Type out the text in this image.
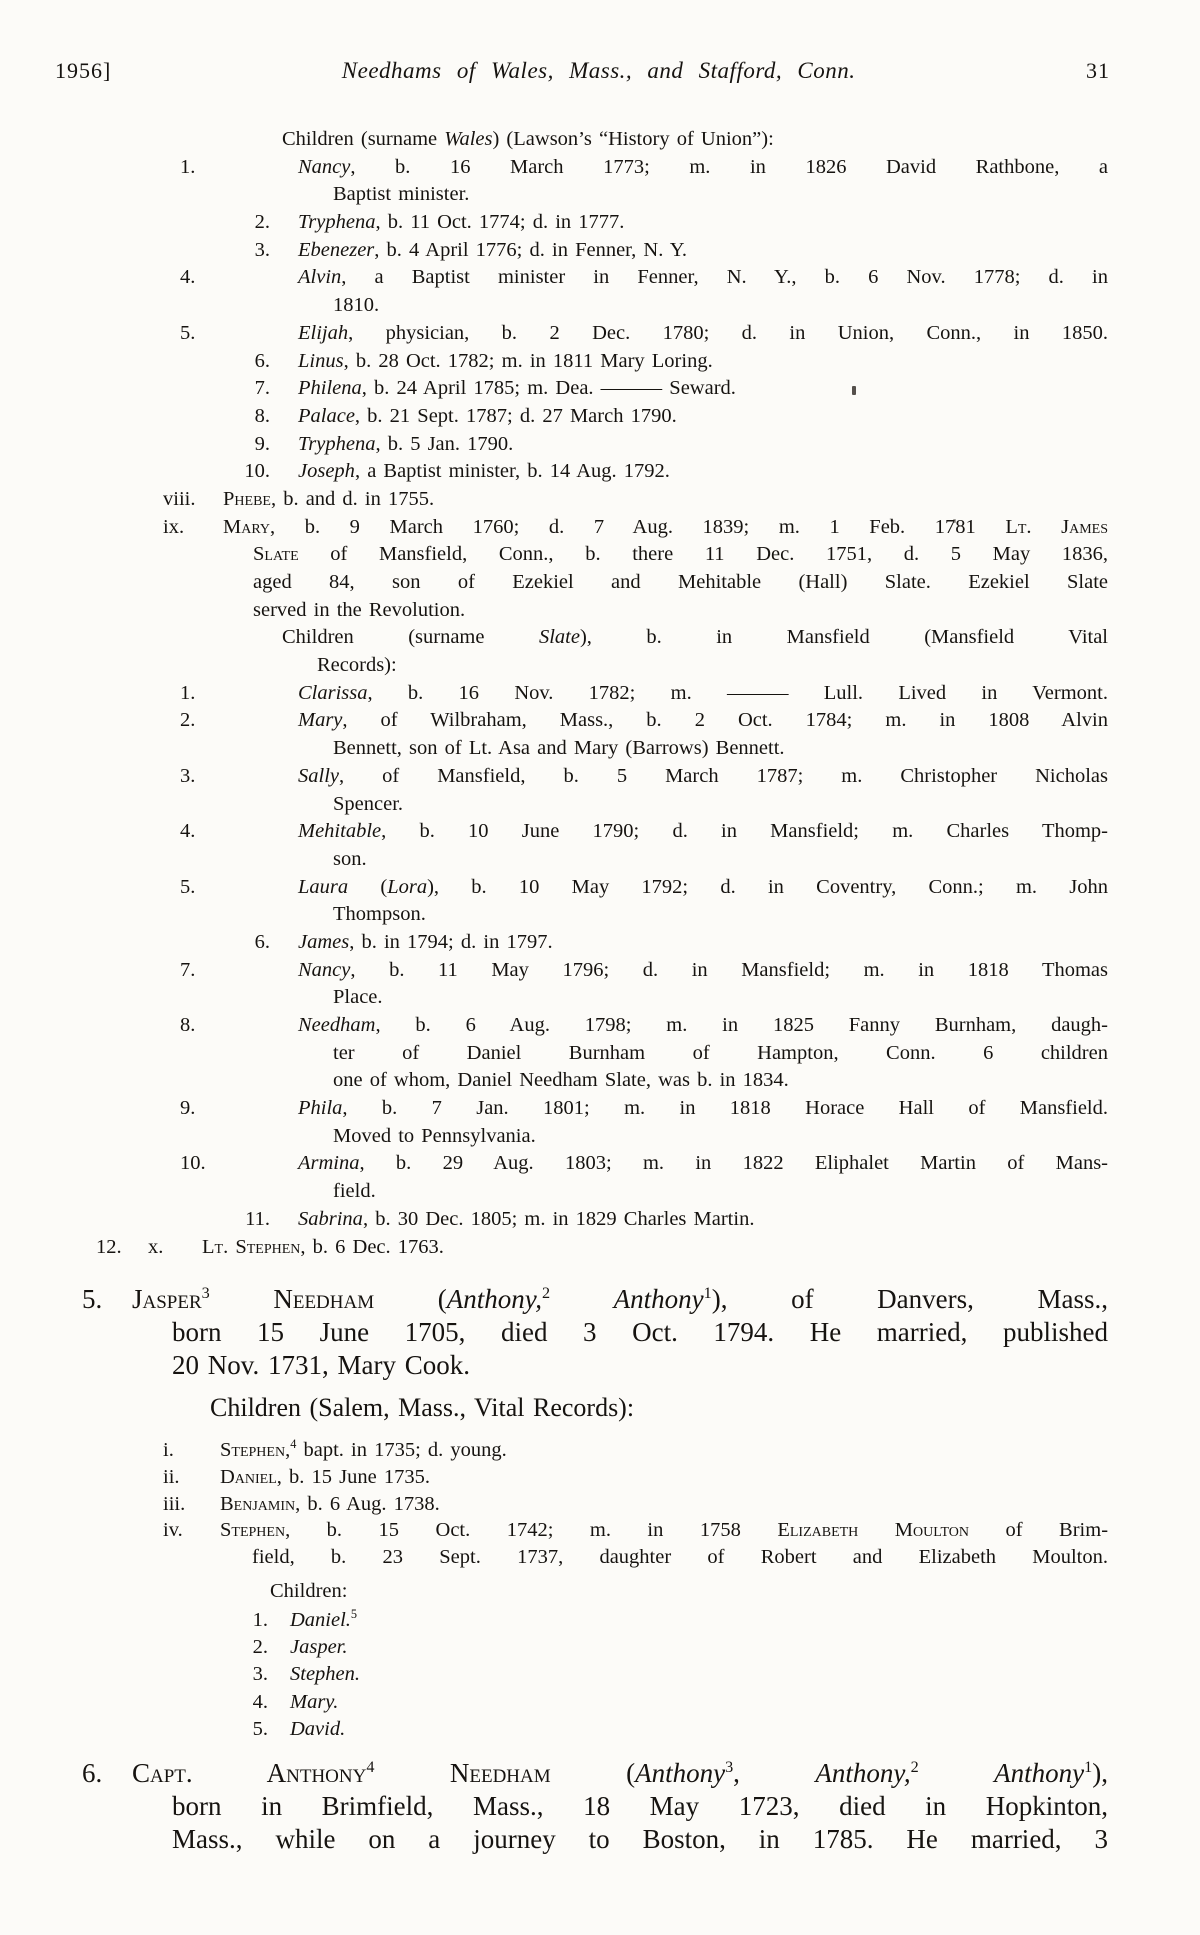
1956]	Needhams of Wales, Mass., and Stafford, Conn.	31
Children (surname Wales) (Lawson’s “History of Union”):
1.	Nancy, b. 16 March 1773; m. in 1826 David Rathbone, a
Baptist minister.
2. Tryphena, b. 11 Oct. 1774; d. in 1777.
3. Ebenezer, b. 4 April 1776; d. in Fenner, N. Y.
4.	Alvin, a Baptist minister in Fenner, N. Y., b. 6 Nov. 1778; d. in
1810.
5.	Elijah, physician, b. 2 Dec. 1780; d. in Union, Conn., in 1850.
6. Linus, b. 28 Oct. 1782; m. in 1811 Mary Loring.
7. Philena, b. 24 April 1785; m. Dea. ——— Seward.
8. Palace, b. 21 Sept. 1787; d. 27 March 1790.
9. Tryphena, b. 5 Jan. 1790.
10. Joseph, a Baptist minister, b. 14 Aug. 1792.
viii. Phebe, b. and d. in 1755.
ix. Mary, b. 9 March 1760; d. 7 Aug. 1839; m. 1 Feb. 1781 Lt. James
Slate of Mansfield, Conn., b. there 11 Dec. 1751, d. 5 May 1836,
aged 84, son of Ezekiel and Mehitable (Hall) Slate. Ezekiel Slate
served in the Revolution.
Children (surname Slate), b. in Mansfield (Mansfield Vital
Records):
1.	Clarissa, b. 16 Nov. 1782; m. ——— Lull. Lived in Vermont.
2.	Mary, of Wilbraham, Mass., b. 2 Oct. 1784; m. in 1808 Alvin
Bennett, son of Lt. Asa and Mary (Barrows) Bennett.
3.	Sally, of Mansfield, b. 5 March 1787; m. Christopher Nicholas
Spencer.
4.	Mehitable, b. 10 June 1790; d. in Mansfield; m. Charles Thomp-
son.
5.	Laura (Lora), b. 10 May 1792; d. in Coventry, Conn.; m. John
Thompson.
6. James, b. in 1794; d. in 1797.
7.	Nancy, b. 11 May 1796; d. in Mansfield; m. in 1818 Thomas
Place.
8.	Needham, b. 6 Aug. 1798; m. in 1825 Fanny Burnham, daugh-
ter of Daniel Burnham of Hampton, Conn. 6 children
one of whom, Daniel Needham Slate, was b. in 1834.
9.	Phila, b. 7 Jan. 1801; m. in 1818 Horace Hall of Mansfield.
Moved to Pennsylvania.
10.	Armina, b. 29 Aug. 1803; m. in 1822 Eliphalet Martin of Mans-
field.
11. Sabrina, b. 30 Dec. 1805; m. in 1829 Charles Martin.
12. x. Lt. Stephen, b. 6 Dec. 1763.
5. Jasper$^3$ Needham (Anthony,$^2$ Anthony$^1$), of Danvers, Mass.,
born 15 June 1705, died 3 Oct. 1794. He married, published
20 Nov. 1731, Mary Cook.
Children (Salem, Mass., Vital Records):
i. Stephen,$^4$ bapt. in 1735; d. young.
ii. Daniel, b. 15 June 1735.
iii. Benjamin, b. 6 Aug. 1738.
iv. Stephen, b. 15 Oct. 1742; m. in 1758 Elizabeth Moulton of Brim-
field, b. 23 Sept. 1737, daughter of Robert and Elizabeth Moulton.
Children:
1. Daniel.$^5$
2. Jasper.
3. Stephen.
4. Mary.
5. David.
6. Capt. Anthony$^4$ Needham (Anthony$^3$, Anthony,$^2$	Anthony$^1$),
born in Brimfield, Mass., 18 May 1723, died in Hopkinton,
Mass., while on a journey to Boston, in 1785. He married, 3
